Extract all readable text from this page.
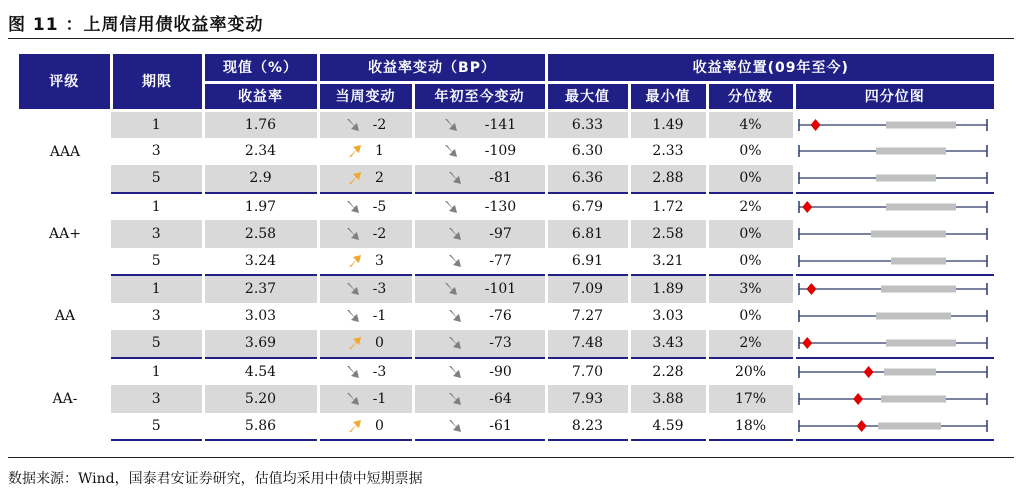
图 11 ：上周信用债收益率变动
评级	期限	现值（%）	收益率变动（BP）		收益率位置(09年至今)			
		收益率	当周变动	年初至今变动	最大值	最小值	分位数	四分位图
AAA	1	1.76	-2	-141	6.33	1.49	4%	

	3	2.34	1	-109	6.30	2.33	0%	

	5	2.9	2	-81	6.36	2.88	0%	

AA+	1	1.97	-5	-130	6.79	1.72	2%	

	3	2.58	-2	-97	6.81	2.58	0%	

	5	3.24	3	-77	6.91	3.21	0%	

AA	1	2.37	-3	-101	7.09	1.89	3%	

	3	3.03	-1	-76	7.27	3.03	0%	

	5	3.69	0	-73	7.48	3.43	2%	

AA-	1	4.54	-3	-90	7.70	2.28	20%	

	3	5.20	-1	-64	7.93	3.88	17%	

	5	5.86	0	-61	8.23	4.59	18%	
数据来源：Wind，国泰君安证券研究，估值均采用中债中短期票据
